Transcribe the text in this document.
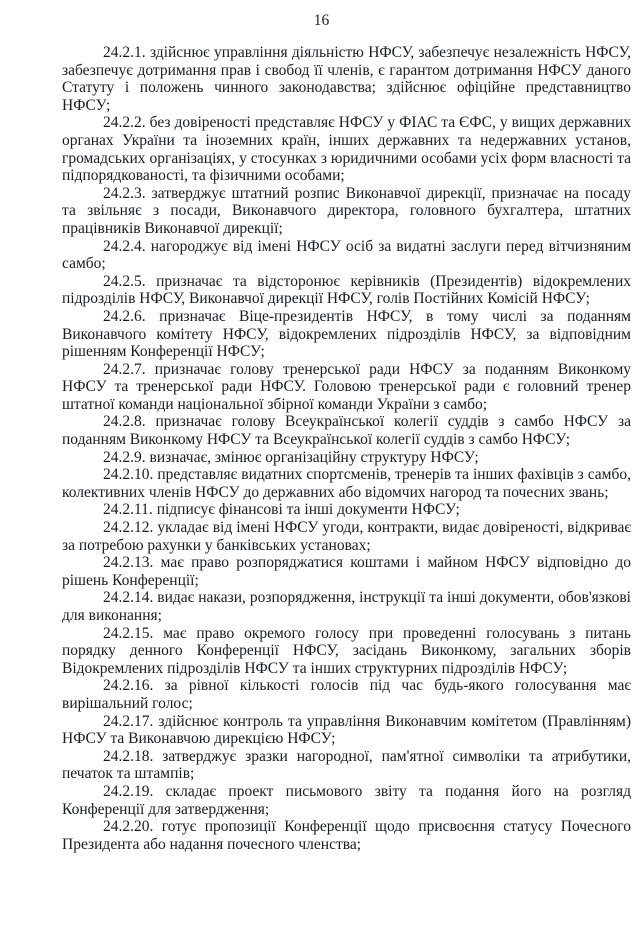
16

24.2.1. здійснює управління діяльністю НФСУ, забезпечує незалежність НФСУ, забезпечує дотримання прав і свобод її членів, є гарантом дотримання НФСУ даного Статуту і положень чинного законодавства; здійснює офіційне представництво НФСУ;

24.2.2. без довіреності представляє НФСУ у ФІАС та ЄФС, у вищих державних органах України та іноземних країн, інших державних та недержавних установ, громадських організаціях, у стосунках з юридичними особами усіх форм власності та підпорядкованості, та фізичними особами;

24.2.3. затверджує штатний розпис Виконавчої дирекції, призначає на посаду та звільняє з посади, Виконавчого директора, головного бухгалтера, штатних працівників Виконавчої дирекції;

24.2.4. нагороджує від імені НФСУ осіб за видатні заслуги перед вітчизняним самбо;

24.2.5. призначає та відсторонює керівників (Президентів) відокремлених підрозділів НФСУ, Виконавчої дирекції НФСУ, голів Постійних Комісій НФСУ;

24.2.6. призначає Віце-президентів НФСУ, в тому числі за поданням Виконавчого комітету НФСУ, відокремлених підрозділів НФСУ, за відповідним рішенням Конференції НФСУ;

24.2.7. призначає голову тренерської ради НФСУ за поданням Виконкому НФСУ та тренерської ради НФСУ. Головою тренерської ради є головний тренер штатної команди національної збірної команди України з самбо;

24.2.8. призначає голову Всеукраїнської колегії суддів з самбо НФСУ за поданням Виконкому НФСУ та Всеукраїнської колегії суддів з самбо НФСУ;

24.2.9. визначає, змінює організаційну структуру НФСУ;

24.2.10. представляє видатних спортсменів, тренерів та інших фахівців з самбо, колективних членів НФСУ до державних або відомчих нагород та почесних звань;

24.2.11. підписує фінансові та інші документи НФСУ;

24.2.12. укладає від імені НФСУ угоди, контракти, видає довіреності, відкриває за потребою рахунки у банківських установах;

24.2.13. має право розпоряджатися коштами і майном НФСУ відповідно до рішень Конференції;

24.2.14. видає накази, розпорядження, інструкції та інші документи, обов'язкові для виконання;

24.2.15. має право окремого голосу при проведенні голосувань з питань порядку денного Конференції НФСУ, засідань Виконкому, загальних зборів Відокремлених підрозділів НФСУ та інших структурних підрозділів НФСУ;

24.2.16. за рівної кількості голосів під час будь-якого голосування має вирішальний голос;

24.2.17. здійснює контроль та управління Виконавчим комітетом (Правлінням) НФСУ та Виконавчою дирекцією НФСУ;

24.2.18. затверджує зразки нагородної, пам'ятної символіки та атрибутики, печаток та штампів;

24.2.19. складає проект письмового звіту та подання його на розгляд Конференції для затвердження;

24.2.20. готує пропозиції Конференції щодо присвоєння статусу Почесного Президента або надання почесного членства;
